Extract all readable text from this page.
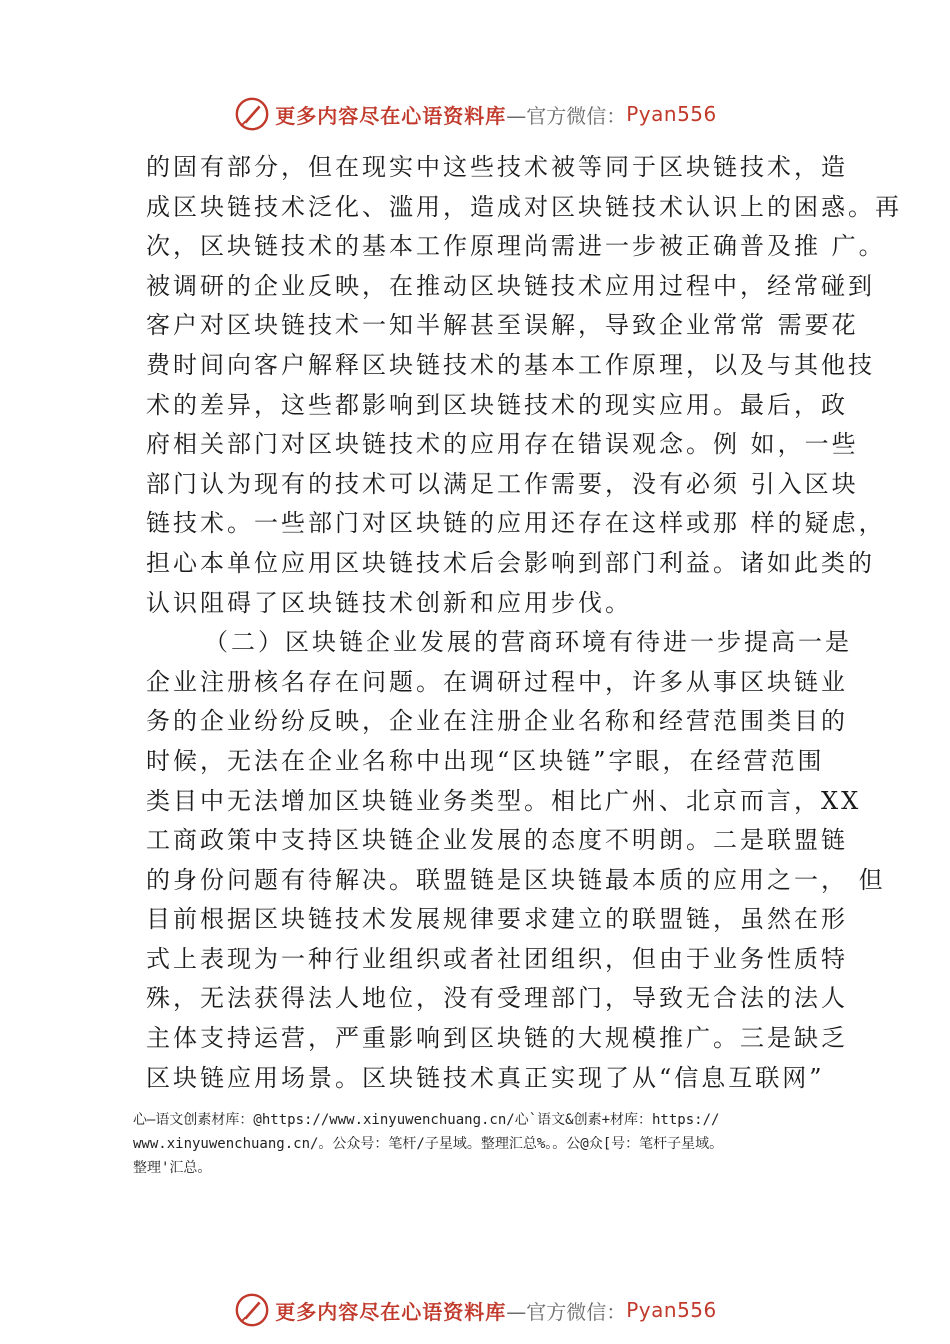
更多内容尽在心语资料库 —官方微信： Pyan556
的固有部分，但在现实中这些技术被等同于区块链技术，造
成区块链技术泛化、滥用，造成对区块链技术认识上的困惑。再
次，区块链技术的基本工作原理尚需进一步被正确普及推 广。
被调研的企业反映，在推动区块链技术应用过程中，经常碰到
客户对区块链技术一知半解甚至误解，导致企业常常 需要花
费时间向客户解释区块链技术的基本工作原理，以及与其他技
术的差异，这些都影响到区块链技术的现实应用。最后，政
府相关部门对区块链技术的应用存在错误观念。例 如，一些
部门认为现有的技术可以满足工作需要，没有必须 引入区块
链技术。一些部门对区块链的应用还存在这样或那 样的疑虑，
担心本单位应用区块链技术后会影响到部门利益。诸如此类的
认识阻碍了区块链技术创新和应用步伐。
（二）区块链企业发展的营商环境有待进一步提高一是
企业注册核名存在问题。在调研过程中，许多从事区块链业
务的企业纷纷反映，企业在注册企业名称和经营范围类目的
时候，无法在企业名称中出现“区块链”字眼，在经营范围
类目中无法增加区块链业务类型。相比广州、北京而言，XX
工商政策中支持区块链企业发展的态度不明朗。二是联盟链
的身份问题有待解决。联盟链是区块链最本质的应用之一， 但
目前根据区块链技术发展规律要求建立的联盟链，虽然在形
式上表现为一种行业组织或者社团组织，但由于业务性质特
殊，无法获得法人地位，没有受理部门，导致无合法的法人
主体支持运营，严重影响到区块链的大规模推广。三是缺乏
区块链应用场景。区块链技术真正实现了从“信息互联网”
心—语文创素材库：@https://www.xinyuwenchuang.cn/心`语文&创素+材库：https://
www.xinyuwenchuang.cn/。公众号：笔杆/子星域。整理汇总%。。公@众[号：笔杆子星域。
整理'汇总。
更多内容尽在心语资料库 —官方微信： Pyan556
